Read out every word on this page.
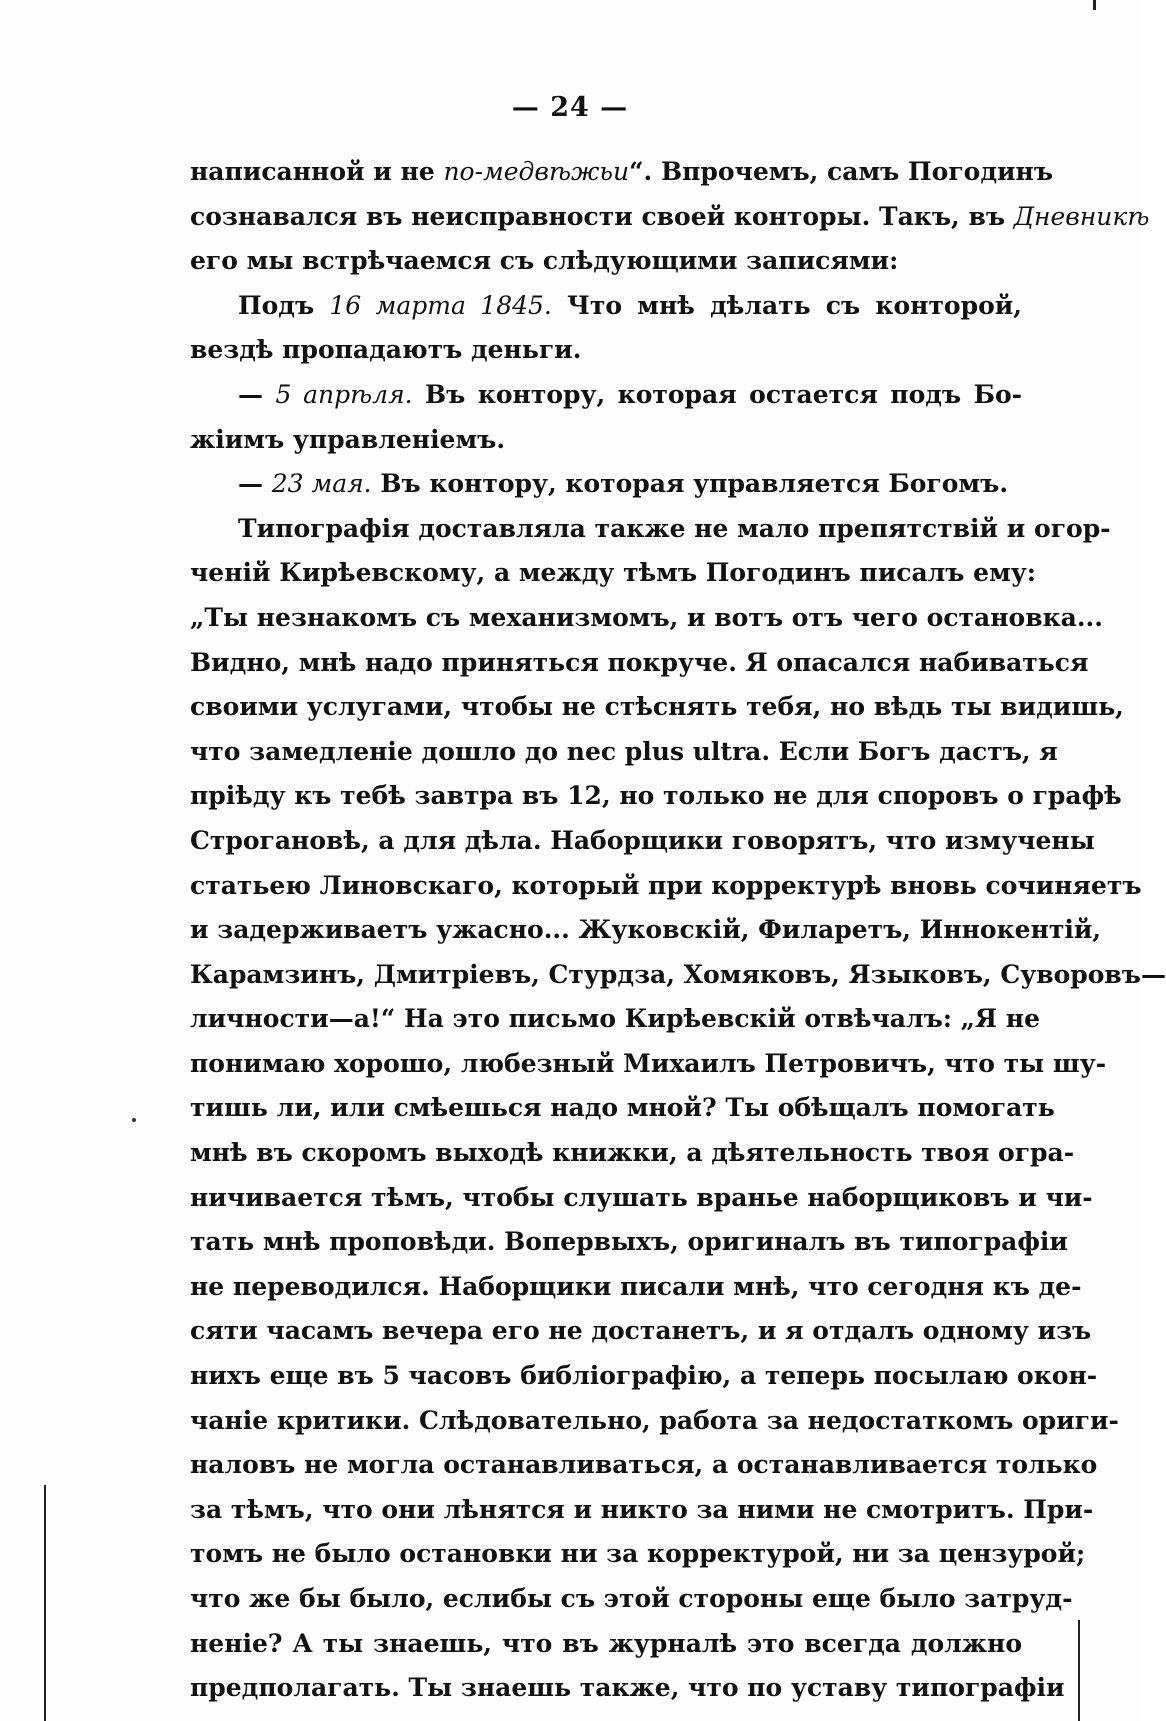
— 24 —
написанной и не по-медвѣжьи“. Впрочемъ, самъ Погодинъ
сознавался въ неисправности своей конторы. Такъ, въ Дневникѣ
его мы встрѣчаемся съ слѣдующими записями:
Подъ 16 марта 1845. Что мнѣ дѣлать съ конторой,
вездѣ пропадаютъ деньги.
— 5 апрѣля. Въ контору, которая остается подъ Бо-
жіимъ управленіемъ.
— 23 мая. Въ контору, которая управляется Богомъ.
Типографія доставляла также не мало препятствій и огор-
ченій Кирѣевскому, а между тѣмъ Погодинъ писалъ ему:
„Ты незнакомъ съ механизмомъ, и вотъ отъ чего остановка...
Видно, мнѣ надо приняться покруче. Я опасался набиваться
своими услугами, чтобы не стѣснять тебя, но вѣдь ты видишь,
что замедленіе дошло до nec plus ultra. Если Богъ дастъ, я
пріѣду къ тебѣ завтра въ 12, но только не для споровъ о графѣ
Строгановѣ, а для дѣла. Наборщики говорятъ, что измучены
статьею Линовскаго, который при корректурѣ вновь сочиняетъ
и задерживаетъ ужасно... Жуковскій, Филаретъ, Иннокентій,
Карамзинъ, Дмитріевъ, Стурдза, Хомяковъ, Языковъ, Суворовъ—
личности—а!“ На это письмо Кирѣевскій отвѣчалъ: „Я не
понимаю хорошо, любезный Михаилъ Петровичъ, что ты шу-
тишь ли, или смѣешься надо мной? Ты обѣщалъ помогать
мнѣ въ скоромъ выходѣ книжки, а дѣятельность твоя огра-
ничивается тѣмъ, чтобы слушать вранье наборщиковъ и чи-
тать мнѣ проповѣди. Вопервыхъ, оригиналъ въ типографіи
не переводился. Наборщики писали мнѣ, что сегодня къ де-
сяти часамъ вечера его не достанетъ, и я отдалъ одному изъ
нихъ еще въ 5 часовъ библіографію, а теперь посылаю окон-
чаніе критики. Слѣдовательно, работа за недостаткомъ ориги-
наловъ не могла останавливаться, а останавливается только
за тѣмъ, что они лѣнятся и никто за ними не смотритъ. При-
томъ не было остановки ни за корректурой, ни за цензурой;
что же бы было, еслибы съ этой стороны еще было затруд-
неніе? А ты знаешь, что въ журналѣ это всегда должно
предполагать. Ты знаешь также, что по уставу типографіи
